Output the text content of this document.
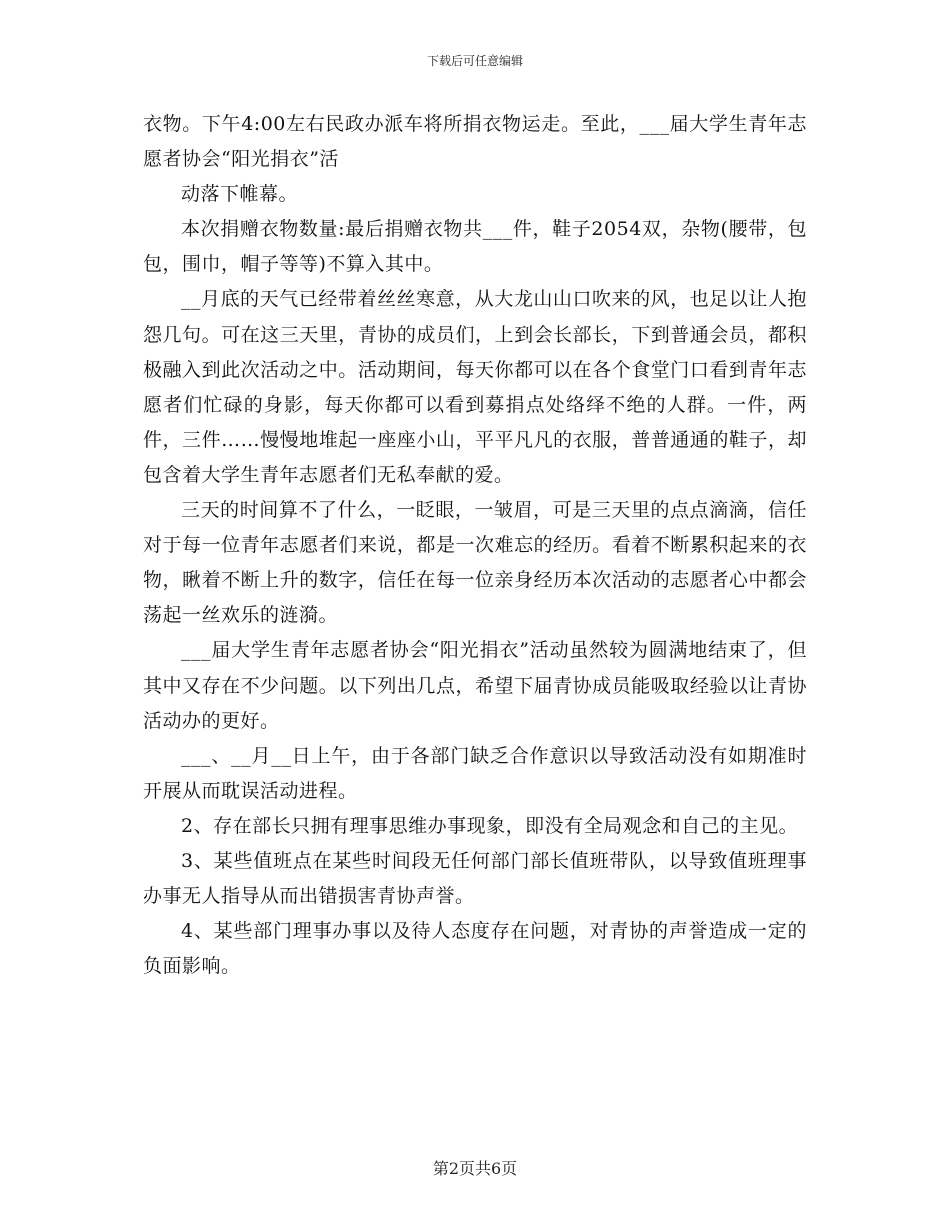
下载后可任意编辑

衣物。下午4:00左右民政办派车将所捐衣物运走。至此，___届大学生青年志愿者协会“阳光捐衣”活

动落下帷幕。

本次捐赠衣物数量:最后捐赠衣物共___件，鞋子2054双，杂物(腰带，包包，围巾，帽子等等)不算入其中。

__月底的天气已经带着丝丝寒意，从大龙山山口吹来的风，也足以让人抱怨几句。可在这三天里，青协的成员们，上到会长部长，下到普通会员，都积极融入到此次活动之中。活动期间，每天你都可以在各个食堂门口看到青年志愿者们忙碌的身影，每天你都可以看到募捐点处络绎不绝的人群。一件，两件，三件……慢慢地堆起一座座小山，平平凡凡的衣服，普普通通的鞋子，却包含着大学生青年志愿者们无私奉献的爱。

三天的时间算不了什么，一眨眼，一皱眉，可是三天里的点点滴滴，信任对于每一位青年志愿者们来说，都是一次难忘的经历。看着不断累积起来的衣物，瞅着不断上升的数字，信任在每一位亲身经历本次活动的志愿者心中都会荡起一丝欢乐的涟漪。

___届大学生青年志愿者协会“阳光捐衣”活动虽然较为圆满地结束了，但其中又存在不少问题。以下列出几点，希望下届青协成员能吸取经验以让青协活动办的更好。

___、__月__日上午，由于各部门缺乏合作意识以导致活动没有如期准时开展从而耽误活动进程。

2、存在部长只拥有理事思维办事现象，即没有全局观念和自己的主见。

3、某些值班点在某些时间段无任何部门部长值班带队，以导致值班理事办事无人指导从而出错损害青协声誉。

4、某些部门理事办事以及待人态度存在问题，对青协的声誉造成一定的负面影响。

第2页共6页
